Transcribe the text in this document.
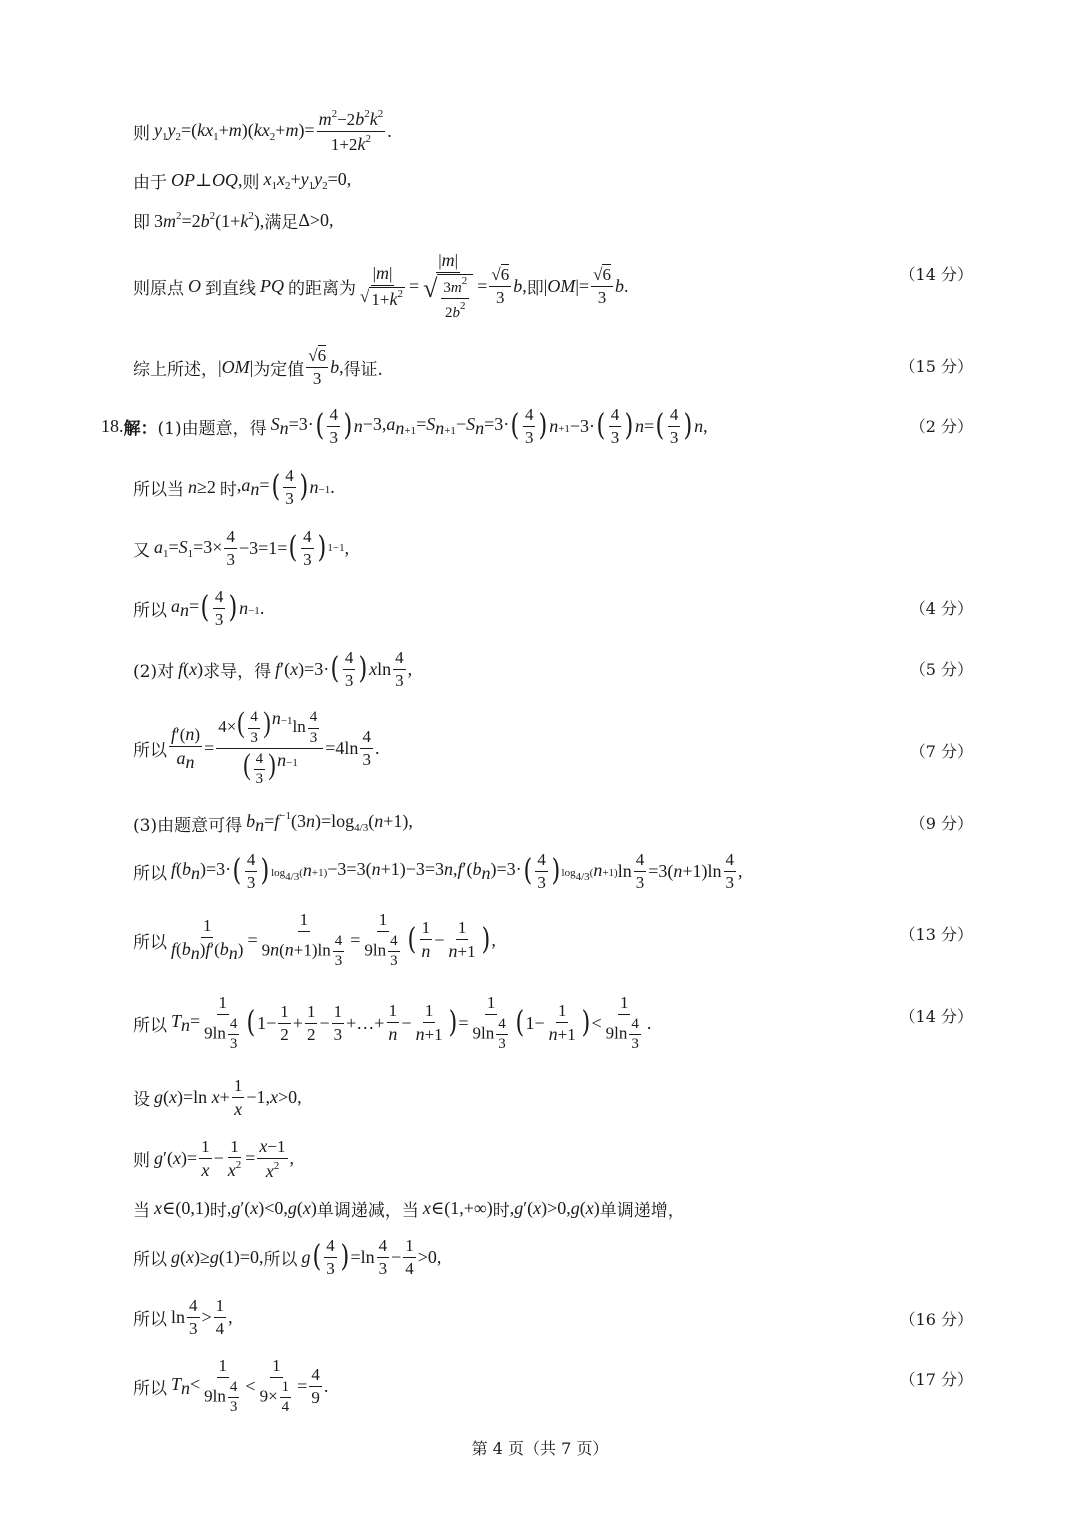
则 $y_1y_2=(kx_1+m)(kx_2+m)= \frac{m^2-2b^2k^2}{1+2k^2}$ .
由于 OP⊥OQ, 则 $x_1x_2+y_1y_2=0$,
即 $3m^2=2b^2(1+k^2)$, 满足 Δ>0,
则原点 O 到直线 PQ 的距离为 $\frac{|m|}{√ 1+k^2} = \frac{|m|}{√ \frac{3m^2}{2b^2}} = \frac{√6}{3}$ b , 即 $|OM|= \frac{√6}{3}$ b .
（14 分）
综上所述 ， |OM| 为定值 $\frac{√6}{3}$ b , 得证.	（15 分）
18. 解： (1)由题意，得 $S_n=3\cdot$ ( $\frac{4}{3}$ ) $n -3,a_{n+1}=S_{n+1}-S_n=3\cdot$ ( $\frac{4}{3}$ ) n+1 −3· ( $\frac{4}{3}$ ) n = ( $\frac{4}{3}$ ) n ,	（2 分）
所以当 n≥2 时 $,a_n=$ ( $\frac{4}{3}$ ) n−1 .
又 $a_1=S_1=3\times \frac{4}{3} -3=1=$ ( $\frac{4}{3}$ ) 1−1 ,
所以 $a_n=$ ( $\frac{4}{3}$ ) n−1 .	（4 分）
(2)对 f(x) 求导，得 f′(x)=3· ( $\frac{4}{3}$ ) x $\ln \frac{4}{3}$ ,	（5 分）
所以 $\frac{f'(n)}{a_n} = \frac{4\times( \frac{4}{3} )^{n-1}\ln \frac{4}{3}}{( \frac{4}{3} )^{n-1}} =4\ln \frac{4}{3}$ .	（7 分）
(3)由题意可得 $b_n=f^{-1}(3n)=\log_{4/3}(n+1)$,	（9 分）
所以 $f(b_n)=3\cdot$ ( $\frac{4}{3}$ ) $\log_{4/3}(n+1) -3=3(n+1)-3=3n,f'(b_n)=3\cdot$ ( $\frac{4}{3}$ ) $\log_{4/3}(n+1)$ $\ln \frac{4}{3} =3(n+1)\ln \frac{4}{3}$ ,
所以 $\frac{1}{f(b_n)f'(b_n)} = \frac{1}{9n(n+1)\ln \frac{4}{3}} = \frac{1}{9\ln \frac{4}{3}}$ ( $\frac{1}{n} - \frac{1}{n+1}$ ) ,	（13 分）
所以 $T_n= \frac{1}{9\ln \frac{4}{3}}$ ( $1- \frac{1}{2} + \frac{1}{2} - \frac{1}{3}$ +…+ $\frac{1}{n} - \frac{1}{n+1}$ ) = $\frac{1}{9\ln \frac{4}{3}}$ ( $1- \frac{1}{n+1}$ ) < $\frac{1}{9\ln \frac{4}{3}}$ .	（14 分）
设 g(x)=ln $x+ \frac{1}{x} -1,x>0$,
则 $g'(x)= \frac{1}{x} - \frac{1}{x^2} = \frac{x-1}{x^2}$ ,
当 x∈(0,1) 时 ,g′(x)<0,g(x) 单调递减，当 x∈(1,+∞) 时 ,g′(x)>0,g(x) 单调递增，
所以 g(x)≥g(1)=0, 所以 g ( $\frac{4}{3}$ ) $=\ln \frac{4}{3} - \frac{1}{4} >0$,
所以 $\ln \frac{4}{3} > \frac{1}{4}$ ,	（16 分）
所以 $T_n< \frac{1}{9\ln \frac{4}{3}} < \frac{1}{9\times \frac{1}{4}} = \frac{4}{9}$ .	（17 分）
第 4 页（共 7 页）
